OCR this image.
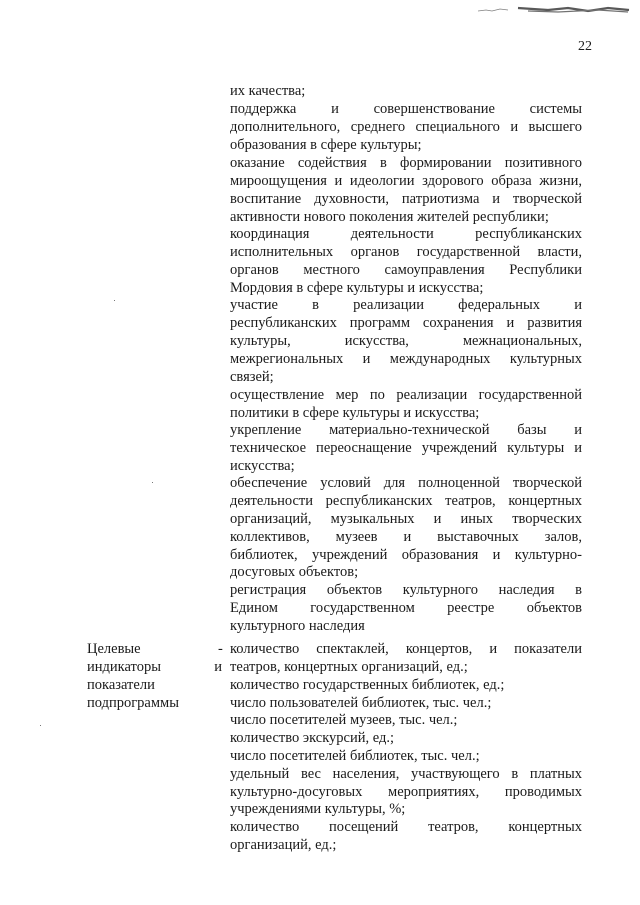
22

их качества;

поддержка и совершенствование системы

дополнительного, среднего специального и высшего

образования в сфере культуры;

оказание содействия в формировании позитивного

мироощущения и идеологии здорового образа жизни,

воспитание духовности, патриотизма и творческой

активности нового поколения жителей республики;

координация деятельности республиканских

исполнительных органов государственной власти,

органов местного самоуправления Республики

Мордовия в сфере культуры и искусства;

участие в реализации федеральных и

республиканских программ сохранения и развития

культуры, искусства, межнациональных,

межрегиональных и международных культурных

связей;

осуществление мер по реализации государственной

политики в сфере культуры и искусства;

укрепление материально-технической базы и

техническое переоснащение учреждений культуры и

искусства;

обеспечение условий для полноценной творческой

деятельности республиканских театров, концертных

организаций, музыкальных и иных творческих

коллективов, музеев и выставочных залов,

библиотек, учреждений образования и культурно-

досуговых объектов;

регистрация объектов культурного наследия в

Едином государственном реестре объектов

культурного наследия

Целевые

индикаторы и

показатели

подпрограммы

- количество спектаклей, концертов, и показатели

театров, концертных организаций, ед.;

количество государственных библиотек, ед.;

число пользователей библиотек, тыс. чел.;

число посетителей музеев, тыс. чел.;

количество экскурсий, ед.;

число посетителей библиотек, тыс. чел.;

удельный вес населения, участвующего в платных

культурно-досуговых мероприятиях, проводимых

учреждениями культуры, %;

количество посещений театров, концертных

организаций, ед.;
